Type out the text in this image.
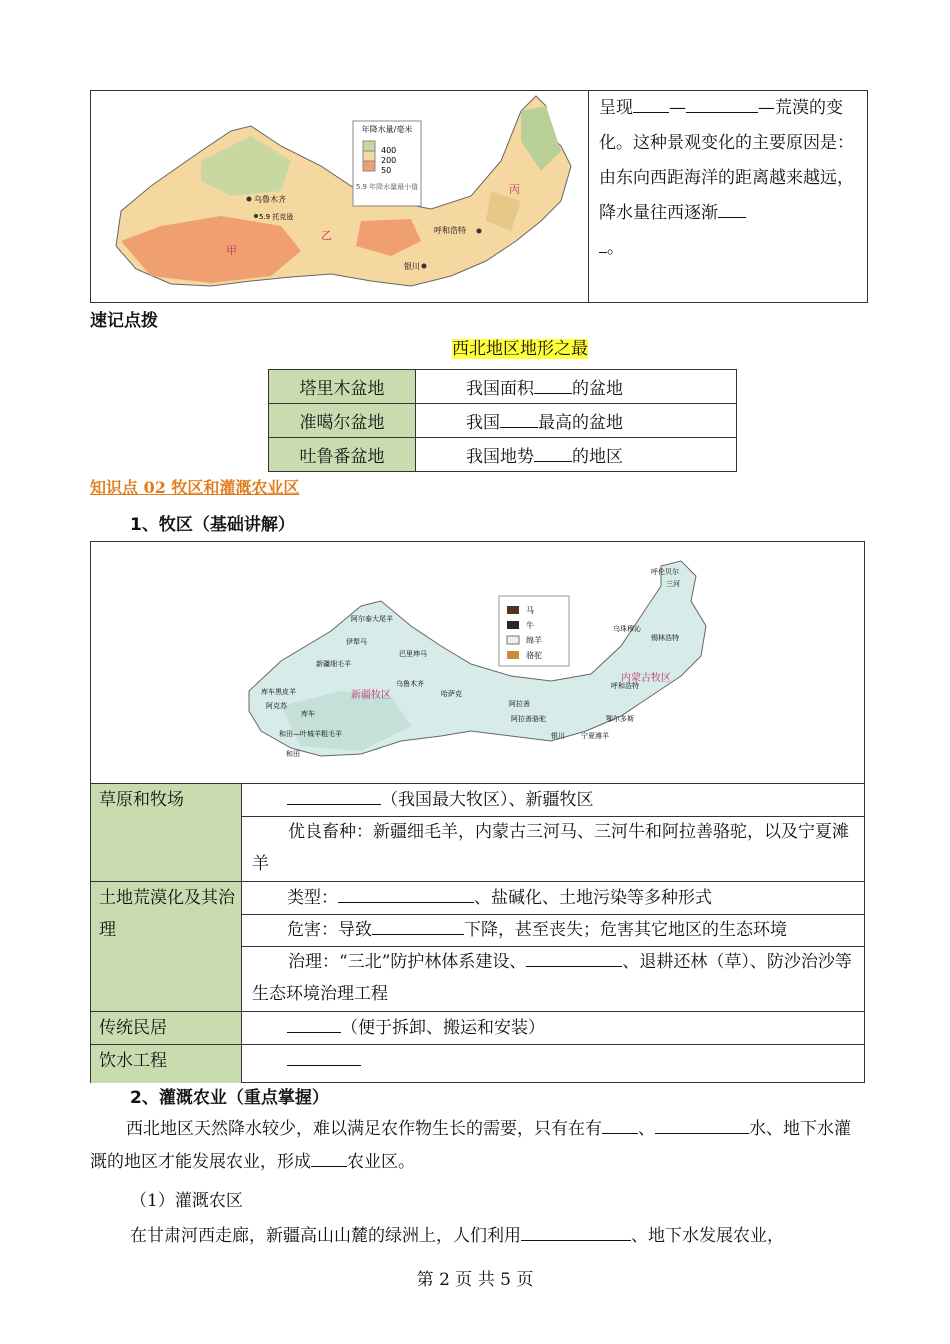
年降水量/毫米
400
200
50
5.9 年降水量最小值
甲
乙
丙
乌鲁木齐
5.9 托克逊
呼和浩特
银川
呈现 —	—荒漠的变化。这种景观变化的主要原因是：由东向西距海洋的距离越来越远，降水量往西逐渐
。
速记点拨
西北地区地形之最
塔里木盆地	我国面积 的盆地
准噶尔盆地	我国 最高的盆地
吐鲁番盆地	我国地势 的地区
知识点 02 牧区和灌溉农业区
1、牧区（基础讲解）
马
牛
绵羊
骆驼
新疆牧区
内蒙古牧区
呼伦贝尔
三河
乌珠穆沁
锡林浩特
呼和浩特
鄂尔多斯
阿拉善
阿拉善骆驼
银川 宁夏滩羊
乌鲁木齐
哈萨克
巴里坤马
伊犁马
新疆细毛羊
阿尔泰大尾羊
库车黑皮羊
阿克苏
和田
和田—叶城羊粗毛羊
库车
草原和牧场	（我国最大牧区）、新疆牧区
优良畜种：新疆细毛羊，内蒙古三河马、三河牛和阿拉善骆驼，以及宁夏滩羊
土地荒漠化及其治理
类型：	、盐碱化、土地污染等多种形式
危害：导致	下降，甚至丧失；危害其它地区的生态环境
治理：“三北”防护林体系建设、	、退耕还林（草）、防沙治沙等生态环境治理工程
传统民居	（便于拆卸、搬运和安装）
饮水工程
2、灌溉农业（重点掌握）

西北地区天然降水较少，难以满足农作物生长的需要，只有在有 、	水、地下水灌溉的地区才能发展农业，形成 农业区。

（1）灌溉农区

在甘肃河西走廊，新疆高山山麓的绿洲上，人们利用	、地下水发展农业，

第 2 页 共 5 页
